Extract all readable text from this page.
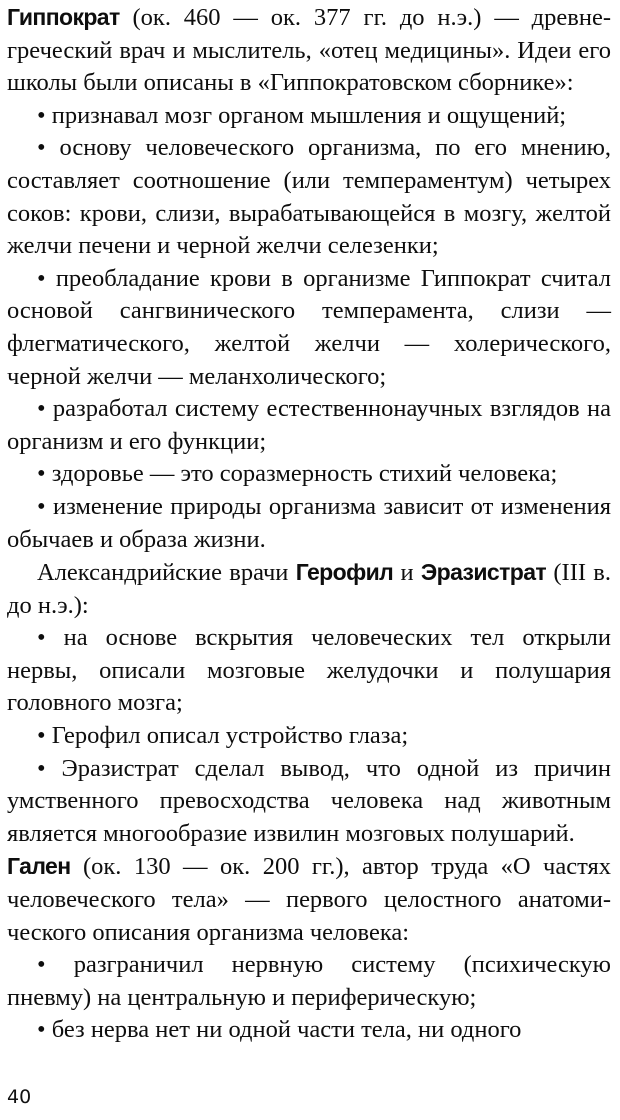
Гиппократ (ок. 460 — ок. 377 гг. до н.э.) — древнегреческий врач и мыслитель, «отец медицины». Идеи его школы были описаны в «Гиппократовском сборнике»:

• признавал мозг органом мышления и ощущений;

• основу человеческого организма, по его мнению, составляет соотношение (или темпераментум) четырех соков: крови, слизи, вырабатывающейся в мозгу, желтой желчи печени и черной желчи селезенки;

• преобладание крови в организме Гиппократ считал основой сангвинического темперамента, слизи — флегматического, желтой желчи — холерического, черной желчи — меланхолического;

• разработал систему естественнонаучных взглядов на организм и его функции;

• здоровье — это соразмерность стихий человека;

• изменение природы организма зависит от изменения обычаев и образа жизни.

Александрийские врачи Герофил и Эразистрат (III в. до н.э.):

• на основе вскрытия человеческих тел открыли нервы, описали мозговые желудочки и полушария головного мозга;

• Герофил описал устройство глаза;

• Эразистрат сделал вывод, что одной из причин умственного превосходства человека над животным является многообразие извилин мозговых полушарий.

Гален (ок. 130 — ок. 200 гг.), автор труда «О частях человеческого тела» — первого целостного анатомического описания организма человека:

• разграничил нервную систему (психическую пневму) на центральную и периферическую;

• без нерва нет ни одной части тела, ни одного

40
